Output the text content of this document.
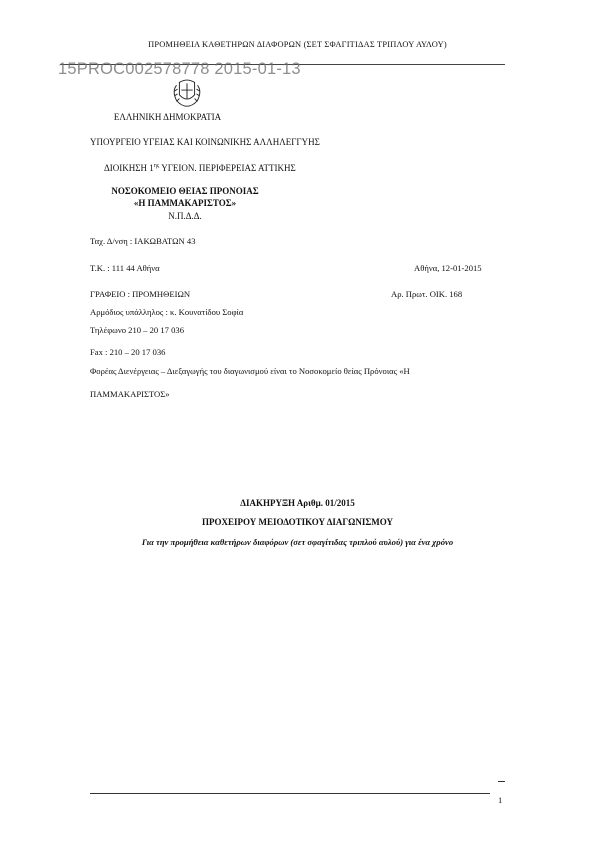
ΠΡΟΜΗΘΕΙΑ ΚΑΘΕΤΗΡΩΝ ΔΙΑΦΟΡΩΝ (ΣΕΤ ΣΦΑΓΙΤΙΔΑΣ ΤΡΙΠΛΟΥ ΑΥΛΟΥ)
15PROC002578778 2015-01-13
ΕΛΛΗΝΙΚΗ ΔΗΜΟΚΡΑΤΙΑ
ΥΠΟΥΡΓΕΙΟ ΥΓΕΙΑΣ ΚΑΙ ΚΟΙΝΩΝΙΚΗΣ ΑΛΛΗΛΕΓΓΥΗΣ
ΔΙΟΙΚΗΣΗ $1^{\eta\varsigma}$ ΥΓΕΙΟΝ. ΠΕΡΙΦΕΡΕΙΑΣ ΑΤΤΙΚΗΣ
ΝΟΣΟΚΟΜΕΙΟ ΘΕΙΑΣ ΠΡΟΝΟΙΑΣ
«Η ΠΑΜΜΑΚΑΡΙΣΤΟΣ»
Ν.Π.Δ.Δ.
Ταχ. Δ/νση : ΙΑΚΩΒΑΤΩΝ 43
Τ.Κ. : 111 44 Αθήνα	Αθήνα, 12-01-2015
ΓΡΑΦΕΙΟ : ΠΡΟΜΗΘΕΙΩΝ	Αρ. Πρωτ. ΟΙΚ. 168
Αρμόδιος υπάλληλος : κ. Κουνατίδου Σοφία
Τηλέφωνο 210 – 20 17 036
Fax : 210 – 20 17 036
Φορέας Διενέργειας – Διεξαγωγής του διαγωνισμού είναι το Νοσοκομείο θείας Πρόνοιας «Η
ΠΑΜΜΑΚΑΡΙΣΤΟΣ»
ΔΙΑΚΗΡΥΞΗ Αριθμ. 01/2015
ΠΡΟΧΕΙΡΟΥ ΜΕΙΟΔΟΤΙΚΟΥ ΔΙΑΓΩΝΙΣΜΟΥ
Για την προμήθεια καθετήρων διαφόρων (σετ σφαγίτιδας τριπλού αυλού) για ένα χρόνο
1
